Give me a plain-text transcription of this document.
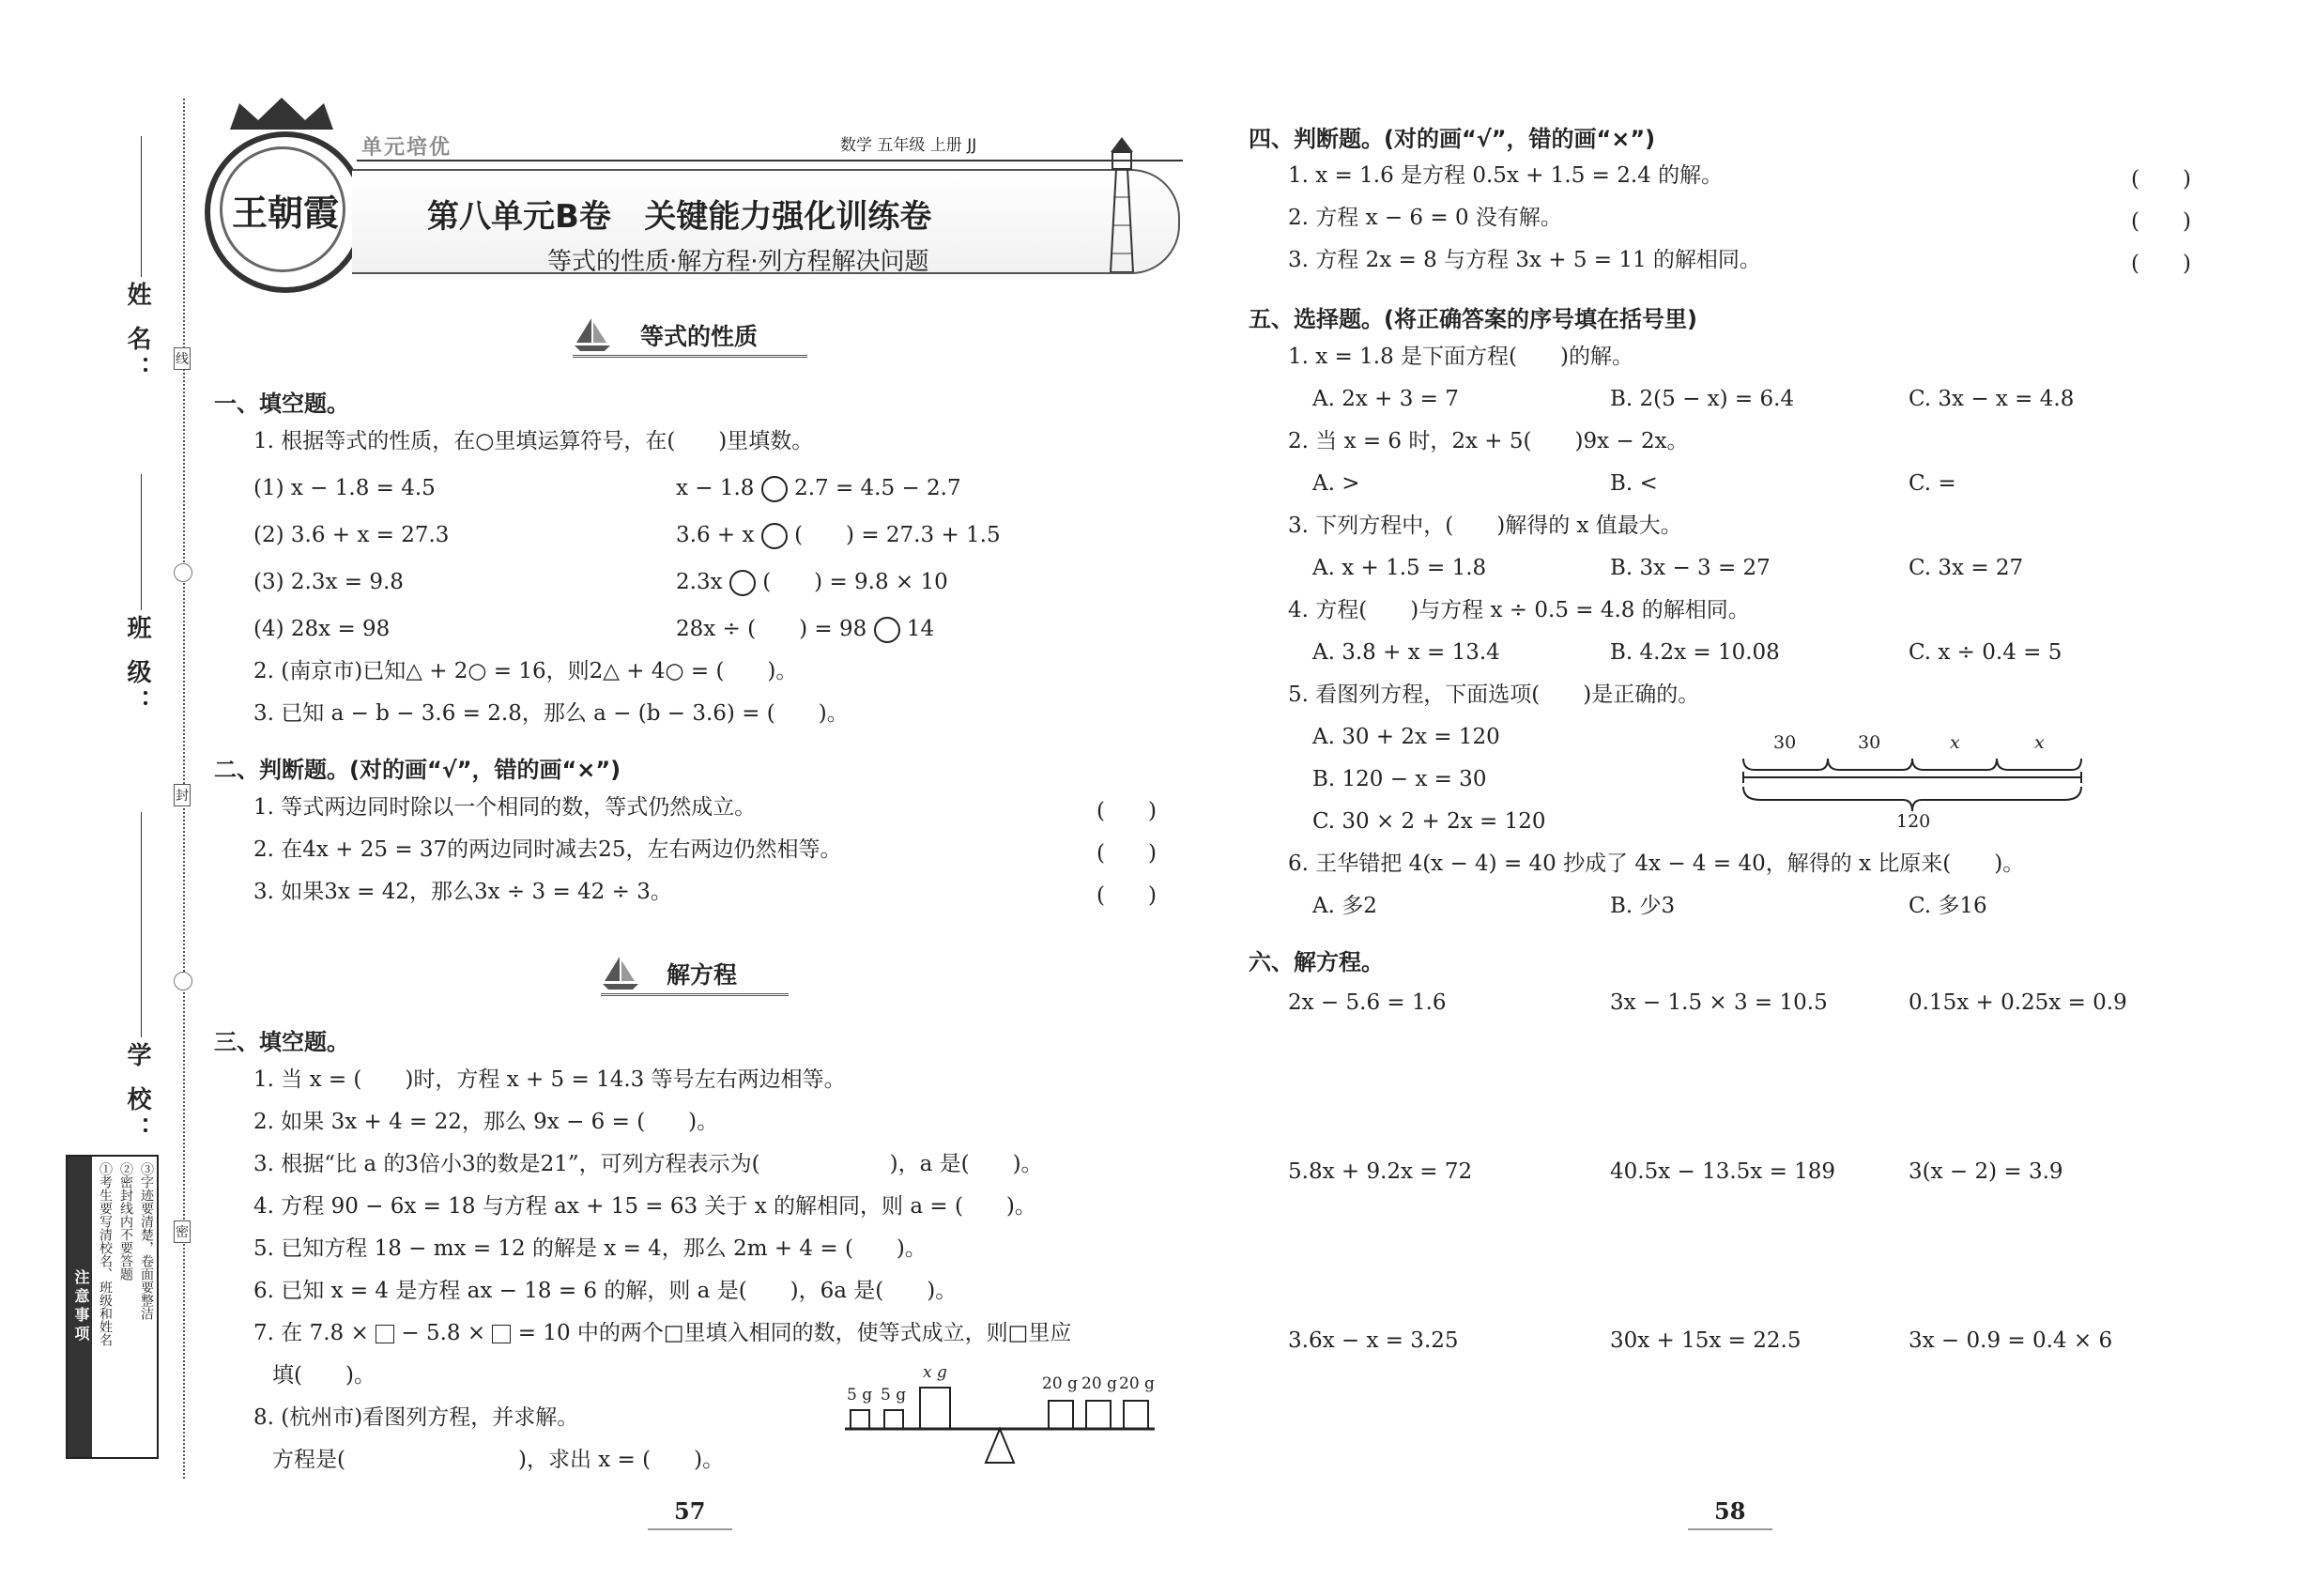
姓 名：
班 级：
学 校：
线
封
密
注意事项 ①考生要写清校名、班级和姓名 ②密封线内不要答题 ③字迹要清楚，卷面要整洁
王朝霞
单元培优	数学 五年级 上册 JJ
第八单元B卷   关键能力强化训练卷
等式的性质·解方程·列方程解决问题
等式的性质
一、填空题。
1. 根据等式的性质，在○里填运算符号，在(　　)里填数。
(1) x − 1.8 = 4.5	x − 1.8 2.7 = 4.5 − 2.7
(2) 3.6 + x = 27.3	3.6 + x (　　) = 27.3 + 1.5
(3) 2.3x = 9.8	2.3x (　　) = 9.8 × 10
(4) 28x = 98	28x ÷ (　　) = 98 14
2. (南京市)已知△ + 2○ = 16，则2△ + 4○ = (　　)。
3. 已知 a − b − 3.6 = 2.8，那么 a − (b − 3.6) = (　　)。
二、判断题。(对的画“√”，错的画“×”)
1. 等式两边同时除以一个相同的数，等式仍然成立。	(　　)
2. 在4x + 25 = 37的两边同时减去25，左右两边仍然相等。	(　　)
3. 如果3x = 42，那么3x ÷ 3 = 42 ÷ 3。	(　　)
解方程
三、填空题。
1. 当 x = (　　)时，方程 x + 5 = 14.3 等号左右两边相等。
2. 如果 3x + 4 = 22，那么 9x − 6 = (　　)。
3. 根据“比 a 的3倍小3的数是21”，可列方程表示为(　　　　　　)，a 是(　　)。
4. 方程 90 − 6x = 18 与方程 ax + 15 = 63 关于 x 的解相同，则 a = (　　)。
5. 已知方程 18 − mx = 12 的解是 x = 4，那么 2m + 4 = (　　)。
6. 已知 x = 4 是方程 ax − 18 = 6 的解，则 a 是(　　)，6a 是(　　)。
7. 在 7.8 × − 5.8 × = 10 中的两个□里填入相同的数，使等式成立，则□里应
填(　　)。
8. (杭州市)看图列方程，并求解。
方程是(　　　　　　　　)，求出 x = (　　)。
5 g 5 g
x g
20 g 20 g 20 g
57
四、判断题。(对的画“√”，错的画“×”)
1. x = 1.6 是方程 0.5x + 1.5 = 2.4 的解。	(　　)
2. 方程 x − 6 = 0 没有解。	(　　)
3. 方程 2x = 8 与方程 3x + 5 = 11 的解相同。	(　　)
五、选择题。(将正确答案的序号填在括号里)
1. x = 1.8 是下面方程(　　)的解。
A. 2x + 3 = 7	B. 2(5 − x) = 6.4	C. 3x − x = 4.8
2. 当 x = 6 时，2x + 5(　　)9x − 2x。
A. >	B. <	C. =
3. 下列方程中，(　　)解得的 x 值最大。
A. x + 1.5 = 1.8	B. 3x − 3 = 27	C. 3x = 27
4. 方程(　　)与方程 x ÷ 0.5 = 4.8 的解相同。
A. 3.8 + x = 13.4	B. 4.2x = 10.08	C. x ÷ 0.4 = 5
5. 看图列方程，下面选项(　　)是正确的。
A. 30 + 2x = 120
B. 120 − x = 30
C. 30 × 2 + 2x = 120
30	30	x	x
120
6. 王华错把 4(x − 4) = 40 抄成了 4x − 4 = 40，解得的 x 比原来(　　)。
A. 多2	B. 少3	C. 多16
六、解方程。
2x − 5.6 = 1.6	3x − 1.5 × 3 = 10.5	0.15x + 0.25x = 0.9
5.8x + 9.2x = 72	40.5x − 13.5x = 189	3(x − 2) = 3.9
3.6x − x = 3.25	30x + 15x = 22.5	3x − 0.9 = 0.4 × 6
58
